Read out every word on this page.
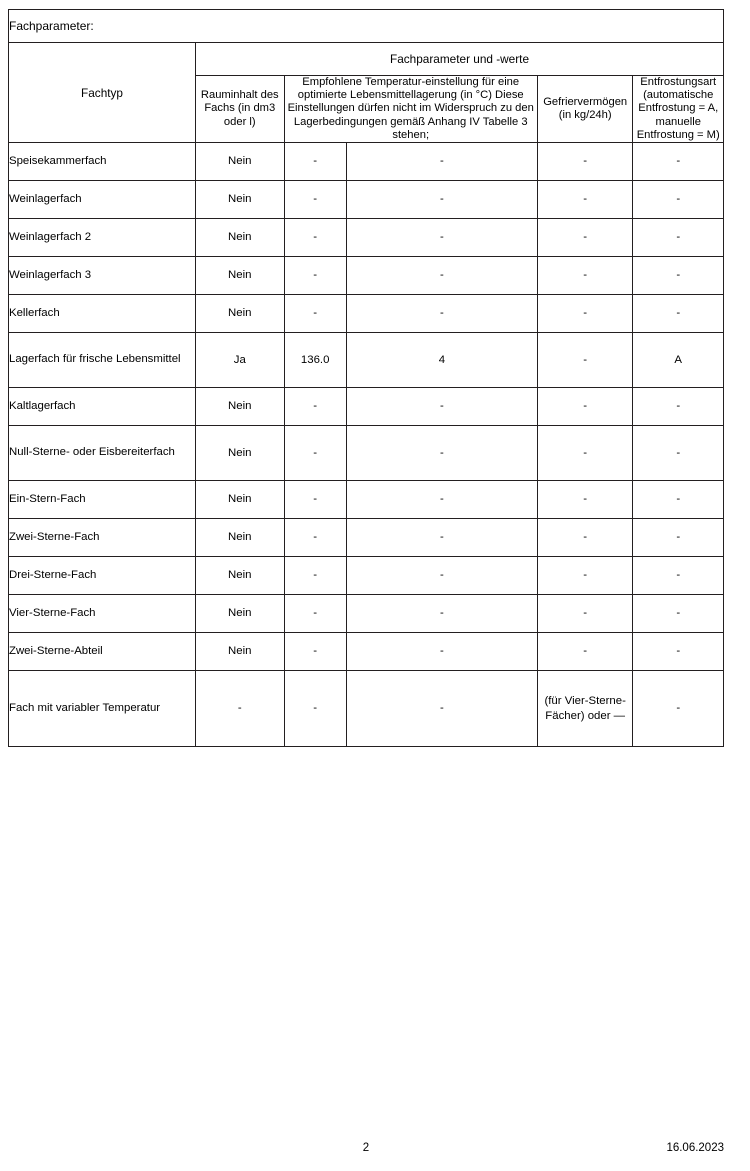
Fachparameter:					
Fachtyp	Fachparameter und -werte				
	Rauminhalt des Fachs (in dm3 oder l)	Empfohlene Temperatur-einstellung für eine optimierte Lebensmittellagerung (in °C) Diese Einstellungen dürfen nicht im Widerspruch zu den Lagerbedingungen gemäß Anhang IV Tabelle 3 stehen;		Gefriervermögen (in kg/24h)	Entfrostungsart (automatische Entfrostung = A, manuelle Entfrostung = M)
Speisekammerfach	Nein	-	-	-	-
Weinlagerfach	Nein	-	-	-	-
Weinlagerfach 2	Nein	-	-	-	-
Weinlagerfach 3	Nein	-	-	-	-
Kellerfach	Nein	-	-	-	-
Lagerfach für frische Lebensmittel	Ja	136.0	4	-	A
Kaltlagerfach	Nein	-	-	-	-
Null-Sterne- oder Eisbereiterfach	Nein	-	-	-	-
Ein-Stern-Fach	Nein	-	-	-	-
Zwei-Sterne-Fach	Nein	-	-	-	-
Drei-Sterne-Fach	Nein	-	-	-	-
Vier-Sterne-Fach	Nein	-	-	-	-
Zwei-Sterne-Abteil	Nein	-	-	-	-
Fach mit variabler Temperatur	-	-	-	(für Vier-Sterne-Fächer) oder —	-
2	16.06.2023
